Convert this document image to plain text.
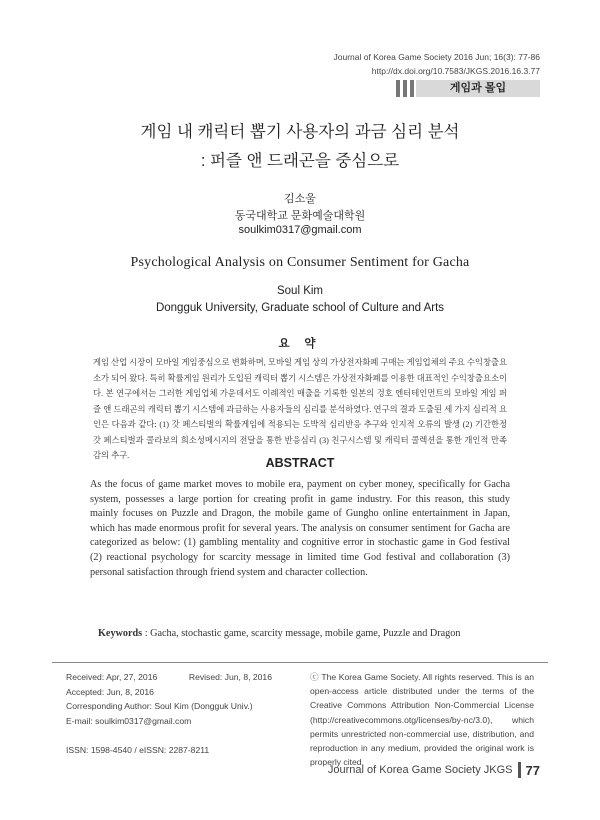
Journal of Korea Game Society 2016 Jun; 16(3): 77-86
http://dx.doi.org/10.7583/JKGS.2016.16.3.77
게임과 몰입
게임 내 캐릭터 뽑기 사용자의 과금 심리 분석
: 퍼즐 앤 드래곤을 중심으로
김소울
동국대학교 문화예술대학원
soulkim0317@gmail.com
Psychological Analysis on Consumer Sentiment for Gacha
Soul Kim
Dongguk University, Graduate school of Culture and Arts
요 약
게임 산업 시장이 모바일 게임중심으로 변화하며, 모바일 게임 상의 가상전자화폐 구매는 게임업체의 주요 수익창출요소가 되어 왔다. 특히 확률게임 원리가 도입된 캐릭터 뽑기 시스템은 가상전자화폐를 이용한 대표적인 수익창출요소이다. 본 연구에서는 그러한 게임업체 가운데서도 이례적인 매출을 기록한 일본의 겅호 엔터테인먼트의 모바일 게임 퍼즐 앤 드래곤의 캐릭터 뽑기 시스템에 과금하는 사용자들의 심리를 분석하였다. 연구의 결과 도출된 세 가지 심리적 요인은 다음과 같다: (1) 갓 페스티벌의 확률게임에 적용되는 도박적 심리반응 추구와 인지적 오류의 발생 (2) 기간한정 갓 페스티벌과 콜라보의 희소성메시지의 전달을 통한 반응심리 (3) 친구시스템 및 캐릭터 콜렉션을 통한 개인적 만족감의 추구.
ABSTRACT
As the focus of game market moves to mobile era, payment on cyber money, specifically for Gacha system, possesses a large portion for creating profit in game industry. For this reason, this study mainly focuses on Puzzle and Dragon, the mobile game of Gungho online entertainment in Japan, which has made enormous profit for several years. The analysis on consumer sentiment for Gacha are categorized as below: (1) gambling mentality and cognitive error in stochastic game in God festival (2) reactional psychology for scarcity message in limited time God festival and collaboration (3) personal satisfaction through friend system and character collection.
Keywords : Gacha, stochastic game, scarcity message, mobile game, Puzzle and Dragon
Received: Apr, 27, 2016	Revised: Jun, 8, 2016
Accepted: Jun, 8, 2016
Corresponding Author: Soul Kim (Dongguk Univ.)
E-mail: soulkim0317@gmail.com
ISSN: 1598-4540 / eISSN: 2287-8211
ⓒ The Korea Game Society. All rights reserved. This is an open-access article distributed under the terms of the Creative Commons Attribution Non-Commercial License (http://creativecommons.otg/licenses/by-nc/3.0), which permits unrestricted non-commercial use, distribution, and reproduction in any medium, provided the original work is properly cited.
Journal of Korea Game Society JKGS 77
